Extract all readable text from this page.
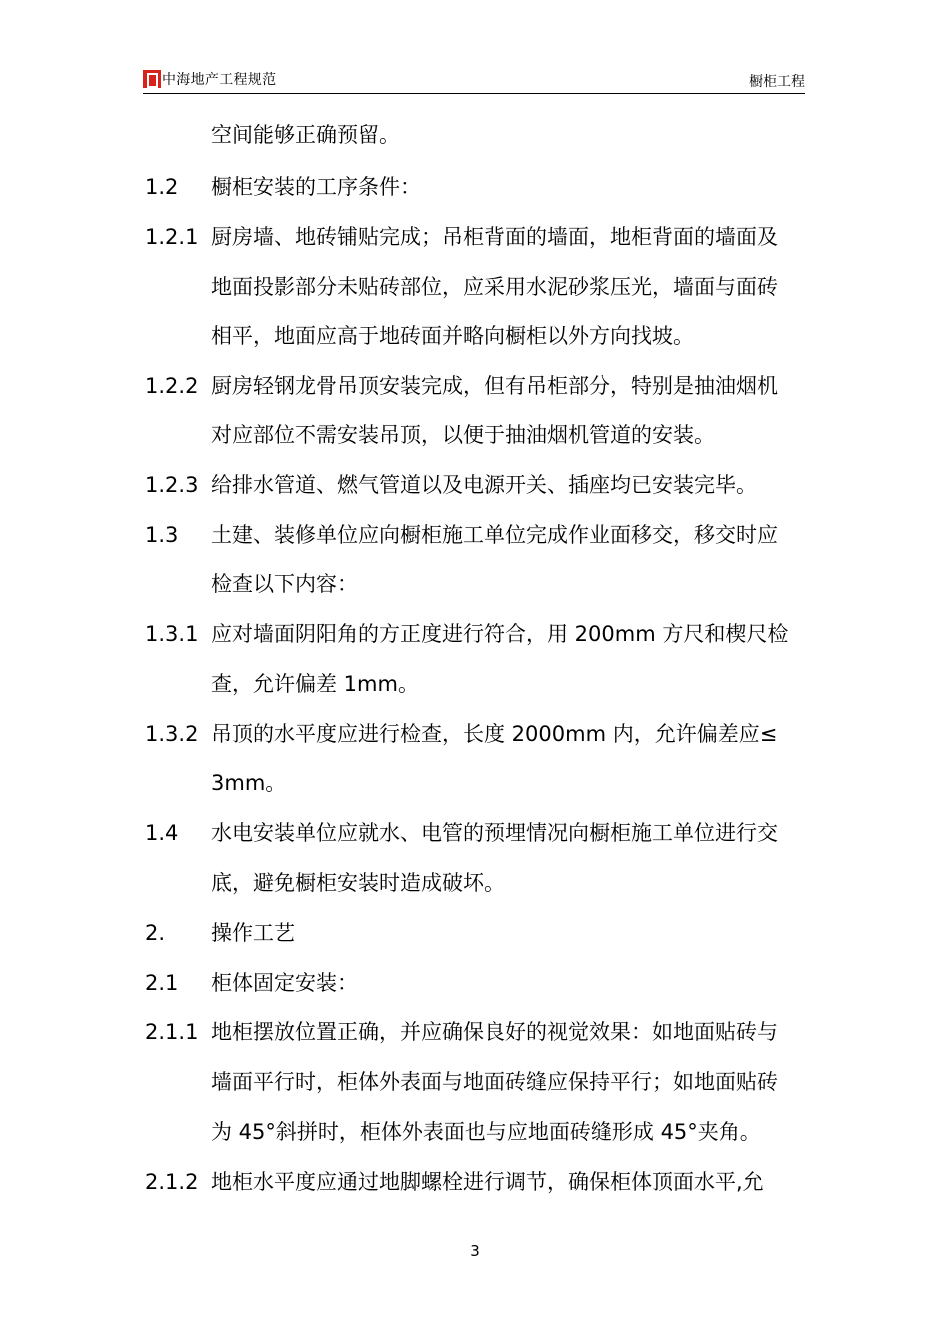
中海地产工程规范	橱柜工程
空间能够正确预留。
1.2 橱柜安装的工序条件：
1.2.1 厨房墙、地砖铺贴完成；吊柜背面的墙面，地柜背面的墙面及
地面投影部分未贴砖部位，应采用水泥砂浆压光，墙面与面砖
相平，地面应高于地砖面并略向橱柜以外方向找坡。
1.2.2 厨房轻钢龙骨吊顶安装完成，但有吊柜部分，特别是抽油烟机
对应部位不需安装吊顶，以便于抽油烟机管道的安装。
1.2.3 给排水管道、燃气管道以及电源开关、插座均已安装完毕。
1.3 土建、装修单位应向橱柜施工单位完成作业面移交，移交时应
检查以下内容：
1.3.1 应对墙面阴阳角的方正度进行符合，用 200mm 方尺和楔尺检
查，允许偏差 1mm。
1.3.2 吊顶的水平度应进行检查，长度 2000mm 内，允许偏差应≤
3mm。
1.4 水电安装单位应就水、电管的预埋情况向橱柜施工单位进行交
底，避免橱柜安装时造成破坏。
2. 操作工艺
2.1 柜体固定安装：
2.1.1 地柜摆放位置正确，并应确保良好的视觉效果：如地面贴砖与
墙面平行时，柜体外表面与地面砖缝应保持平行；如地面贴砖
为 45°斜拼时，柜体外表面也与应地面砖缝形成 45°夹角。
2.1.2 地柜水平度应通过地脚螺栓进行调节，确保柜体顶面水平,允
3
